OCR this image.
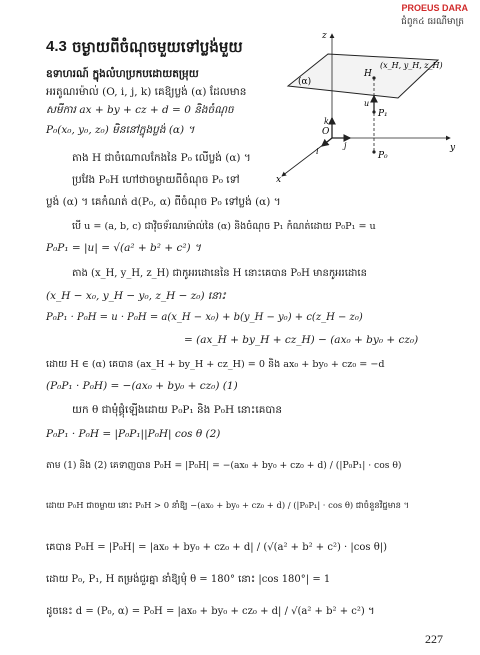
PROEUS DARA
ជំពូក៤ ធរណីមាត្រ
4.3 ចម្ងាយពីចំណុចមួយទៅប្លង់មួយ
z
y
x
O
(α)
H
P₁
P₀
(x_H, y_H, z_H)
u
k
j
i
ឧទាហរណ៍ ក្នុងលំហប្រកបដោយតម្រុយ
អរតូណរម៉ាល់ (O, i, j, k) គេឱ្យប្លង់ (α) ដែលមាន
សមីការ ax + by + cz + d = 0 និងចំណុច
P₀(x₀, y₀, z₀) មិននៅក្នុងប្លង់ (α) ។
តាង H ជាចំណោលកែងនៃ P₀ លើប្លង់ (α) ។
ប្រវែង P₀H ហៅថាចម្ងាយពីចំណុច P₀ ទៅ
ប្លង់ (α) ។ គេកំណត់ d(P₀, α) ពីចំណុច P₀ ទៅប្លង់ (α) ។
បើ u = (a, b, c) ជាវ៉ិចទ័រណរម៉ាល់នៃ (α) និងចំណុច P₁ កំណត់ដោយ P₀P₁ = u
P₀P₁ = |u| = √(a² + b² + c²) ។
តាង (x_H, y_H, z_H) ជាកូអរដោនេនៃ H នោះគេបាន P₀H មានកូអរដោនេ
(x_H − x₀, y_H − y₀, z_H − z₀) នោះ
P₀P₁ · P₀H = u · P₀H = a(x_H − x₀) + b(y_H − y₀) + c(z_H − z₀)
= (ax_H + by_H + cz_H) − (ax₀ + by₀ + cz₀)
ដោយ H ∈ (α) គេបាន (ax_H + by_H + cz_H) = 0 និង ax₀ + by₀ + cz₀ = −d
(P₀P₁ · P₀H) = −(ax₀ + by₀ + cz₀) (1)
យក θ ជាមុំផ្គុំឡើងដោយ P₀P₁ និង P₀H នោះគេបាន
P₀P₁ · P₀H = |P₀P₁||P₀H| cos θ (2)
តាម (1) និង (2) គេទាញបាន P₀H = |P₀H| = −(ax₀ + by₀ + cz₀ + d) / (|P₀P₁| · cos θ)
ដោយ P₀H ជាចម្ងាយ នោះ P₀H > 0 នាំឱ្យ −(ax₀ + by₀ + cz₀ + d) / (|P₀P₁| · cos θ) ជាចំនួនវិជ្ជមាន ។
គេបាន P₀H = |P₀H| = |ax₀ + by₀ + cz₀ + d| / (√(a² + b² + c²) · |cos θ|)
ដោយ P₀, P₁, H តម្រង់ជួរគ្នា នាំឱ្យមុំ θ = 180° នោះ |cos 180°| = 1
ដូចនេះ d = (P₀, α) = P₀H = |ax₀ + by₀ + cz₀ + d| / √(a² + b² + c²) ។
227
